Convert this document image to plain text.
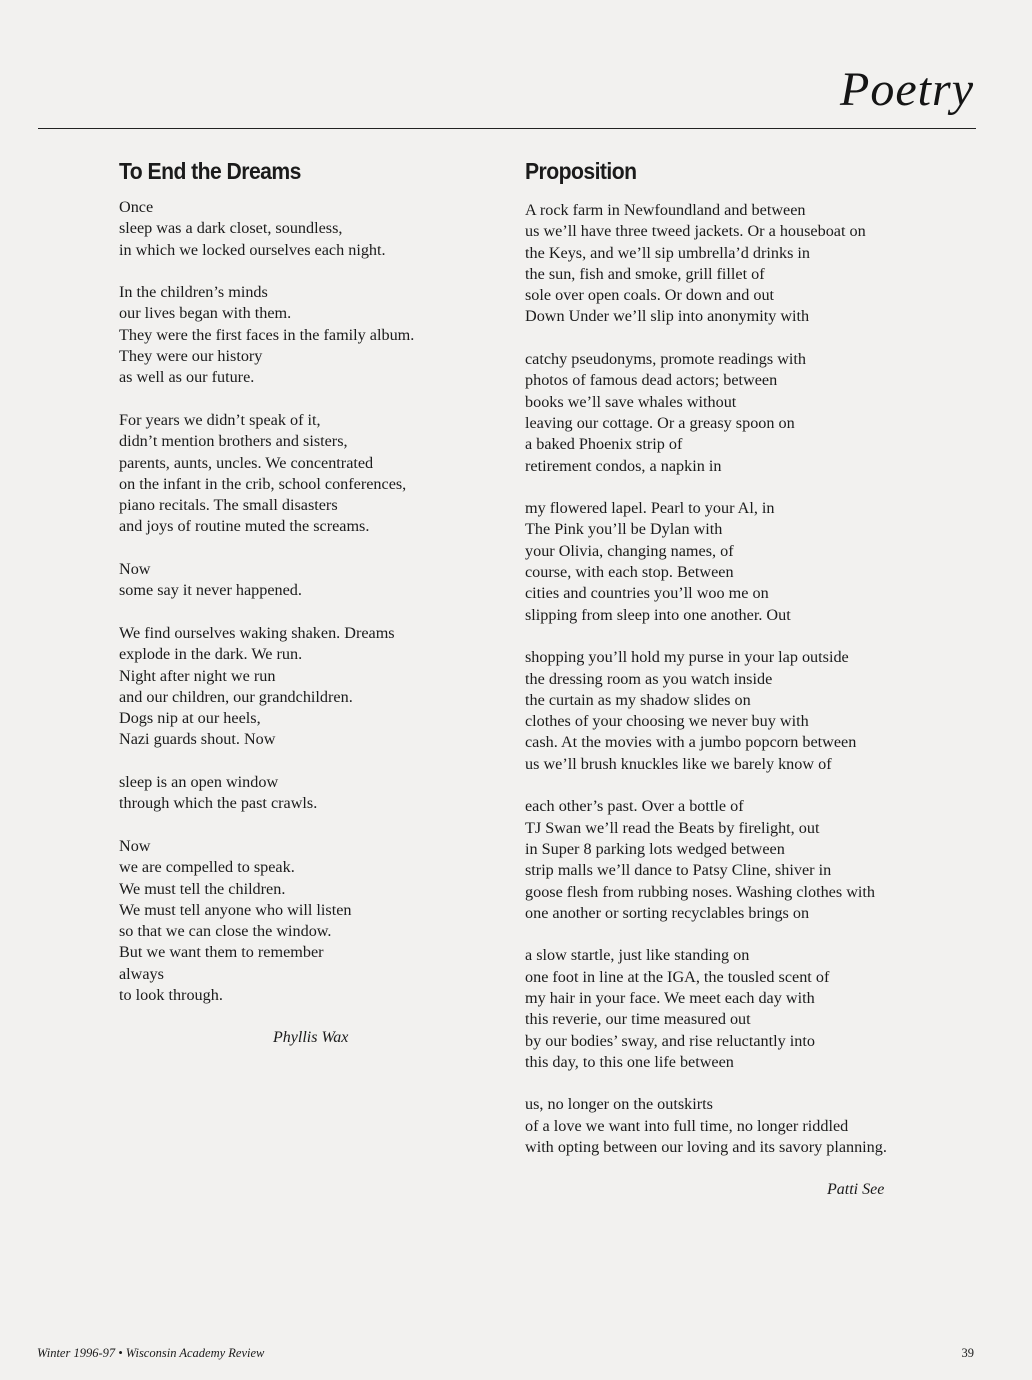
Poetry
To End the Dreams
Once
sleep was a dark closet, soundless,
in which we locked ourselves each night.
In the children’s minds
our lives began with them.
They were the first faces in the family album.
They were our history
as well as our future.
For years we didn’t speak of it,
didn’t mention brothers and sisters,
parents, aunts, uncles. We concentrated
on the infant in the crib, school conferences,
piano recitals. The small disasters
and joys of routine muted the screams.
Now
some say it never happened.
We find ourselves waking shaken. Dreams
explode in the dark. We run.
Night after night we run
and our children, our grandchildren.
Dogs nip at our heels,
Nazi guards shout. Now
sleep is an open window
through which the past crawls.
Now
we are compelled to speak.
We must tell the children.
We must tell anyone who will listen
so that we can close the window.
But we want them to remember
always
to look through.
Phyllis Wax
Proposition
A rock farm in Newfoundland and between
us we’ll have three tweed jackets. Or a houseboat on
the Keys, and we’ll sip umbrella’d drinks in
the sun, fish and smoke, grill fillet of
sole over open coals. Or down and out
Down Under we’ll slip into anonymity with
catchy pseudonyms, promote readings with
photos of famous dead actors; between
books we’ll save whales without
leaving our cottage. Or a greasy spoon on
a baked Phoenix strip of
retirement condos, a napkin in
my flowered lapel. Pearl to your Al, in
The Pink you’ll be Dylan with
your Olivia, changing names, of
course, with each stop. Between
cities and countries you’ll woo me on
slipping from sleep into one another. Out
shopping you’ll hold my purse in your lap outside
the dressing room as you watch inside
the curtain as my shadow slides on
clothes of your choosing we never buy with
cash. At the movies with a jumbo popcorn between
us we’ll brush knuckles like we barely know of
each other’s past. Over a bottle of
TJ Swan we’ll read the Beats by firelight, out
in Super 8 parking lots wedged between
strip malls we’ll dance to Patsy Cline, shiver in
goose flesh from rubbing noses. Washing clothes with
one another or sorting recyclables brings on
a slow startle, just like standing on
one foot in line at the IGA, the tousled scent of
my hair in your face. We meet each day with
this reverie, our time measured out
by our bodies’ sway, and rise reluctantly into
this day, to this one life between
us, no longer on the outskirts
of a love we want into full time, no longer riddled
with opting between our loving and its savory planning.
Patti See
Winter 1996-97 • Wisconsin Academy Review	39
